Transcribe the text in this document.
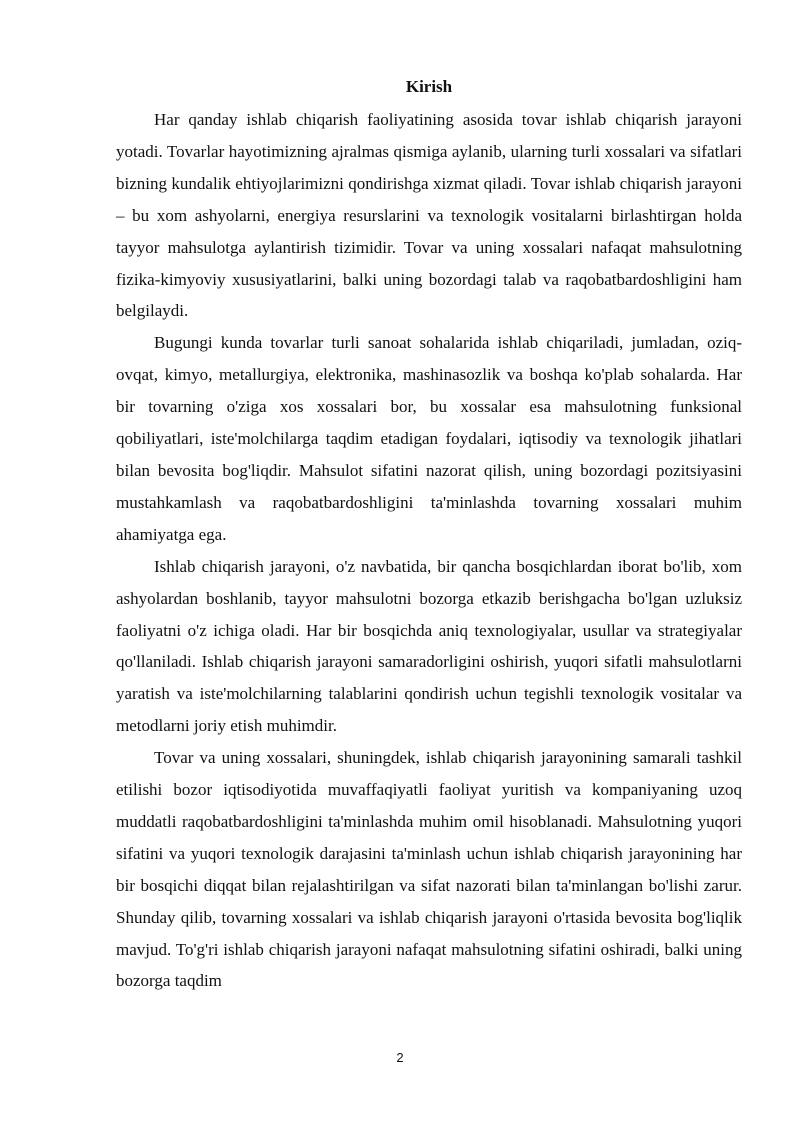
Kirish

Har qanday ishlab chiqarish faoliyatining asosida tovar ishlab chiqarish jarayoni yotadi. Tovarlar hayotimizning ajralmas qismiga aylanib, ularning turli xossalari va sifatlari bizning kundalik ehtiyojlarimizni qondirishga xizmat qiladi. Tovar ishlab chiqarish jarayoni – bu xom ashyolarni, energiya resurslarini va texnologik vositalarni birlashtirgan holda tayyor mahsulotga aylantirish tizimidir. Tovar va uning xossalari nafaqat mahsulotning fizika-kimyoviy xususiyatlarini, balki uning bozordagi talab va raqobatbardoshligini ham belgilaydi.

Bugungi kunda tovarlar turli sanoat sohalarida ishlab chiqariladi, jumladan, oziq-ovqat, kimyo, metallurgiya, elektronika, mashinasozlik va boshqa ko'plab sohalarda. Har bir tovarning o'ziga xos xossalari bor, bu xossalar esa mahsulotning funksional qobiliyatlari, iste'molchilarga taqdim etadigan foydalari, iqtisodiy va texnologik jihatlari bilan bevosita bog'liqdir. Mahsulot sifatini nazorat qilish, uning bozordagi pozitsiyasini mustahkamlash va raqobatbardoshligini ta'minlashda tovarning xossalari muhim ahamiyatga ega.

Ishlab chiqarish jarayoni, o'z navbatida, bir qancha bosqichlardan iborat bo'lib, xom ashyolardan boshlanib, tayyor mahsulotni bozorga etkazib berishgacha bo'lgan uzluksiz faoliyatni o'z ichiga oladi. Har bir bosqichda aniq texnologiyalar, usullar va strategiyalar qo'llaniladi. Ishlab chiqarish jarayoni samaradorligini oshirish, yuqori sifatli mahsulotlarni yaratish va iste'molchilarning talablarini qondirish uchun tegishli texnologik vositalar va metodlarni joriy etish muhimdir.

Tovar va uning xossalari, shuningdek, ishlab chiqarish jarayonining samarali tashkil etilishi bozor iqtisodiyotida muvaffaqiyatli faoliyat yuritish va kompaniyaning uzoq muddatli raqobatbardoshligini ta'minlashda muhim omil hisoblanadi. Mahsulotning yuqori sifatini va yuqori texnologik darajasini ta'minlash uchun ishlab chiqarish jarayonining har bir bosqichi diqqat bilan rejalashtirilgan va sifat nazorati bilan ta'minlangan bo'lishi zarur. Shunday qilib, tovarning xossalari va ishlab chiqarish jarayoni o'rtasida bevosita bog'liqlik mavjud. To'g'ri ishlab chiqarish jarayoni nafaqat mahsulotning sifatini oshiradi, balki uning bozorga taqdim

2
